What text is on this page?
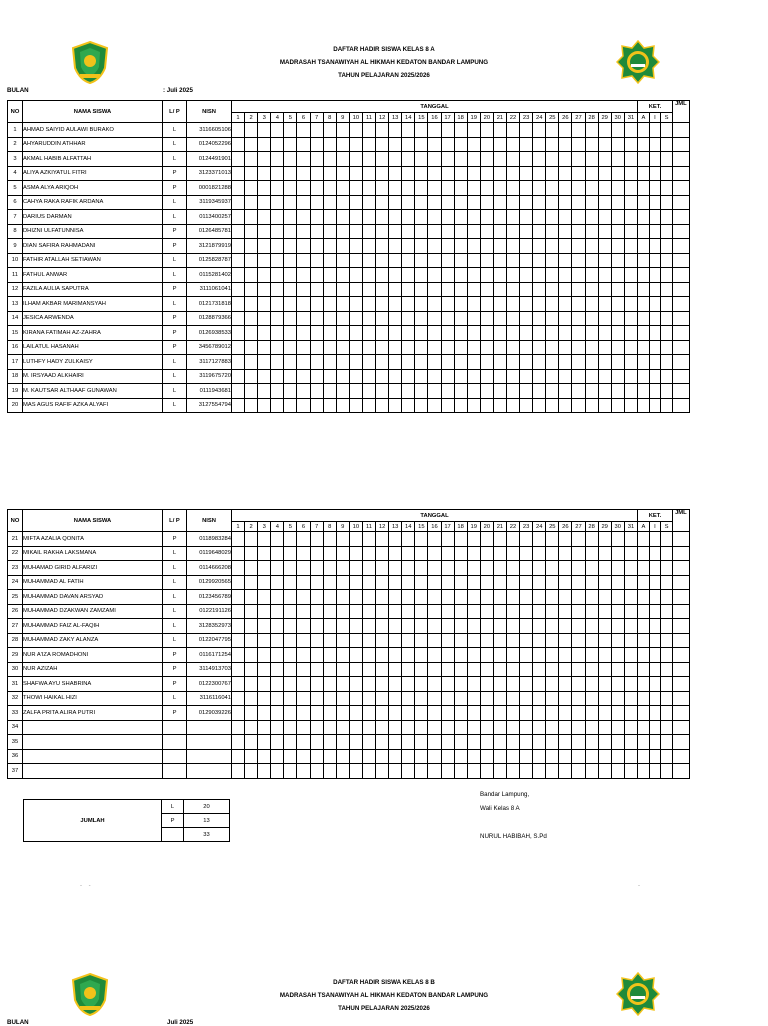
DAFTAR HADIR SISWA KELAS 8 A
MADRASAH TSANAWIYAH AL HIKMAH KEDATON BANDAR LAMPUNG
TAHUN PELAJARAN 2025/2026
BULAN	: Juli 2025
NO	NAMA SISWA	L/ P	NISN	TANGGAL																															KET.			JML
				1	2	3	4	5	6	7	8	9	10	11	12	13	14	15	16	17	18	19	20	21	22	23	24	25	26	27	28	29	30	31	A	I	S	
1	AHMAD SAIYID AULAWI BURAKO	L	3116605106																																			
2	AHYARUDDIN ATHHAR	L	0124052296																																			
3	AKMAL HABIB ALFATTAH	L	0124491901																																			
4	ALIYA AZKIYATUL FITRI	P	3123371013																																			
5	ASMA ALYA ARIQOH	P	0001821288																																			
6	CAHYA RAKA RAFIK ARDANA	L	3119345937																																			
7	DARIUS DARMAN	L	0113400257																																			
8	DHIZNI ULFATUNNISA	P	0126485781																																			
9	DIAN SAFIRA RAHMADANI	P	3121879919																																			
10	FATHIR ATALLAH SETIAWAN	L	0125828787																																			
11	FATHUL ANWAR	L	0115281402																																			
12	FAZILA AULIA SAPUTRA	P	3111061041																																			
13	ILHAM AKBAR MARIMANSYAH	L	0121731818																																			
14	JESICA ARWENDA	P	0128879366																																			
15	KIRANA FATIMAH AZ-ZAHRA	P	0126938533																																			
16	LAILATUL HASANAH	P	3456789012																																			
17	LUTHFY HADY ZULKAISY	L	3117127883																																			
18	M. IRSYAAD ALKHAIRI	L	3119675720																																			
19	M. KAUTSAR ALTHAAF GUNAWAN	L	0111943681																																			
20	MAS AGUS RAFIF AZKA ALYAFI	L	3127554794																																			
NO	NAMA SISWA	L/ P	NISN	TANGGAL																															KET.			JML
				1	2	3	4	5	6	7	8	9	10	11	12	13	14	15	16	17	18	19	20	21	22	23	24	25	26	27	28	29	30	31	A	I	S	
21	MIFTA AZALIA QONITA	P	0118983284																																			
22	MIKAIL RAKHA LAKSMANA	L	0119648029																																			
23	MUHAMAD GIRID ALFARIZI	L	0114666208																																			
24	MUHAMMAD AL FATIH	L	0129920565																																			
25	MUHAMMAD DAVAN ARSYAD	L	0123456789																																			
26	MUHAMMAD DZAKWAN ZAMZAMI	L	0122191126																																			
27	MUHAMMAD FAIZ AL-FAQIH	L	3128352973																																			
28	MUHAMMAD ZAKY ALANZA	L	0122047795																																			
29	NUR A'IZA ROMADHONI	P	0116171254																																			
30	NUR AZIZAH	P	3114913703																																			
31	SHAFWA AYU SHABRINA	P	0122300767																																			
32	THOWI HAIKAL HIZI	L	3116116041																																			
33	ZALFA PRITA ALIRA PUTRI	P	0129039226																																			
34																																						
35																																						
36																																						
37																																						
JUMLAH	L	20
	P	13
		33
Bandar Lampung,
Wali Kelas 8 A
NURUL HABIBAH, S.Pd
-    -	-
DAFTAR HADIR SISWA KELAS 8 B
MADRASAH TSANAWIYAH AL HIKMAH KEDATON BANDAR LAMPUNG
TAHUN PELAJARAN 2025/2026
BULAN	Juli 2025
